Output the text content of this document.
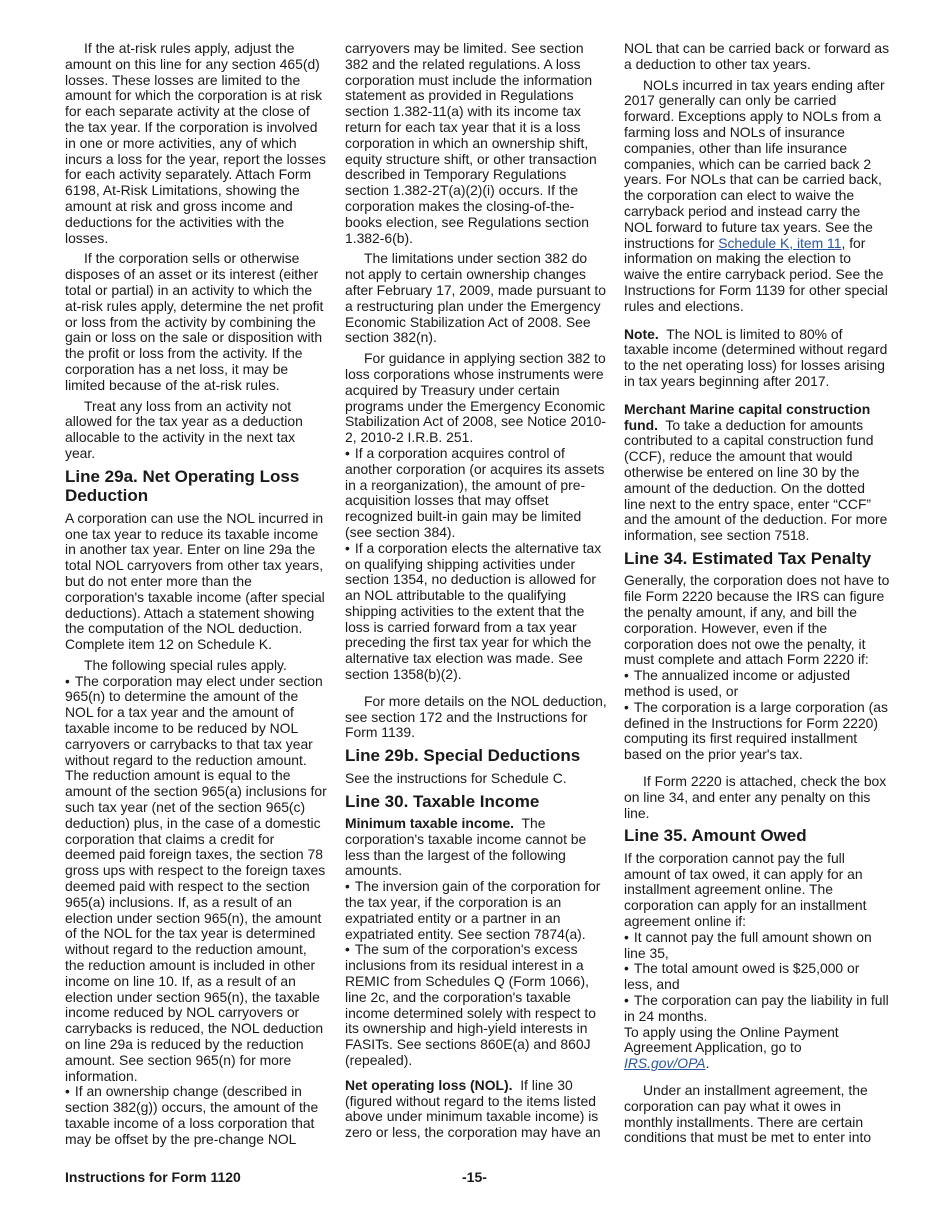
If the at-risk rules apply, adjust the amount on this line for any section 465(d) losses. These losses are limited to the amount for which the corporation is at risk for each separate activity at the close of the tax year. If the corporation is involved in one or more activities, any of which incurs a loss for the year, report the losses for each activity separately. Attach Form 6198, At-Risk Limitations, showing the amount at risk and gross income and deductions for the activities with the losses.

If the corporation sells or otherwise disposes of an asset or its interest (either total or partial) in an activity to which the at-risk rules apply, determine the net profit or loss from the activity by combining the gain or loss on the sale or disposition with the profit or loss from the activity. If the corporation has a net loss, it may be limited because of the at-risk rules.

Treat any loss from an activity not allowed for the tax year as a deduction allocable to the activity in the next tax year.

Line 29a. Net Operating Loss Deduction

A corporation can use the NOL incurred in one tax year to reduce its taxable income in another tax year. Enter on line 29a the total NOL carryovers from other tax years, but do not enter more than the corporation's taxable income (after special deductions). Attach a statement showing the computation of the NOL deduction. Complete item 12 on Schedule K.

The following special rules apply.

• The corporation may elect under section 965(n) to determine the amount of the NOL for a tax year and the amount of taxable income to be reduced by NOL carryovers or carrybacks to that tax year without regard to the reduction amount. The reduction amount is equal to the amount of the section 965(a) inclusions for such tax year (net of the section 965(c) deduction) plus, in the case of a domestic corporation that claims a credit for deemed paid foreign taxes, the section 78 gross ups with respect to the foreign taxes deemed paid with respect to the section 965(a) inclusions. If, as a result of an election under section 965(n), the amount of the NOL for the tax year is determined without regard to the reduction amount, the reduction amount is included in other income on line 10. If, as a result of an election under section 965(n), the taxable income reduced by NOL carryovers or carrybacks is reduced, the NOL deduction on line 29a is reduced by the reduction amount. See section 965(n) for more information.

• If an ownership change (described in section 382(g)) occurs, the amount of the taxable income of a loss corporation that may be offset by the pre-change NOL

carryovers may be limited. See section 382 and the related regulations. A loss corporation must include the information statement as provided in Regulations section 1.382-11(a) with its income tax return for each tax year that it is a loss corporation in which an ownership shift, equity structure shift, or other transaction described in Temporary Regulations section 1.382-2T(a)(2)(i) occurs. If the corporation makes the closing-of-the-books election, see Regulations section 1.382-6(b).

The limitations under section 382 do not apply to certain ownership changes after February 17, 2009, made pursuant to a restructuring plan under the Emergency Economic Stabilization Act of 2008. See section 382(n).

For guidance in applying section 382 to loss corporations whose instruments were acquired by Treasury under certain programs under the Emergency Economic Stabilization Act of 2008, see Notice 2010-2, 2010-2 I.R.B. 251.

• If a corporation acquires control of another corporation (or acquires its assets in a reorganization), the amount of pre-acquisition losses that may offset recognized built-in gain may be limited (see section 384).

• If a corporation elects the alternative tax on qualifying shipping activities under section 1354, no deduction is allowed for an NOL attributable to the qualifying shipping activities to the extent that the loss is carried forward from a tax year preceding the first tax year for which the alternative tax election was made. See section 1358(b)(2).

For more details on the NOL deduction, see section 172 and the Instructions for Form 1139.

Line 29b. Special Deductions

See the instructions for Schedule C.

Line 30. Taxable Income

Minimum taxable income. The corporation's taxable income cannot be less than the largest of the following amounts.

• The inversion gain of the corporation for the tax year, if the corporation is an expatriated entity or a partner in an expatriated entity. See section 7874(a).

• The sum of the corporation's excess inclusions from its residual interest in a REMIC from Schedules Q (Form 1066), line 2c, and the corporation's taxable income determined solely with respect to its ownership and high-yield interests in FASITs. See sections 860E(a) and 860J (repealed).

Net operating loss (NOL). If line 30 (figured without regard to the items listed above under minimum taxable income) is zero or less, the corporation may have an

NOL that can be carried back or forward as a deduction to other tax years.

NOLs incurred in tax years ending after 2017 generally can only be carried forward. Exceptions apply to NOLs from a farming loss and NOLs of insurance companies, other than life insurance companies, which can be carried back 2 years. For NOLs that can be carried back, the corporation can elect to waive the carryback period and instead carry the NOL forward to future tax years. See the instructions for Schedule K, item 11, for information on making the election to waive the entire carryback period. See the Instructions for Form 1139 for other special rules and elections.

Note. The NOL is limited to 80% of taxable income (determined without regard to the net operating loss) for losses arising in tax years beginning after 2017.

Merchant Marine capital construction fund. To take a deduction for amounts contributed to a capital construction fund (CCF), reduce the amount that would otherwise be entered on line 30 by the amount of the deduction. On the dotted line next to the entry space, enter “CCF” and the amount of the deduction. For more information, see section 7518.

Line 34. Estimated Tax Penalty

Generally, the corporation does not have to file Form 2220 because the IRS can figure the penalty amount, if any, and bill the corporation. However, even if the corporation does not owe the penalty, it must complete and attach Form 2220 if:

• The annualized income or adjusted method is used, or

• The corporation is a large corporation (as defined in the Instructions for Form 2220) computing its first required installment based on the prior year's tax.

If Form 2220 is attached, check the box on line 34, and enter any penalty on this line.

Line 35. Amount Owed

If the corporation cannot pay the full amount of tax owed, it can apply for an installment agreement online. The corporation can apply for an installment agreement online if:

• It cannot pay the full amount shown on line 35,

• The total amount owed is $25,000 or less, and

• The corporation can pay the liability in full in 24 months.

To apply using the Online Payment Agreement Application, go to IRS.gov/OPA.

Under an installment agreement, the corporation can pay what it owes in monthly installments. There are certain conditions that must be met to enter into

Instructions for Form 1120	-15-
